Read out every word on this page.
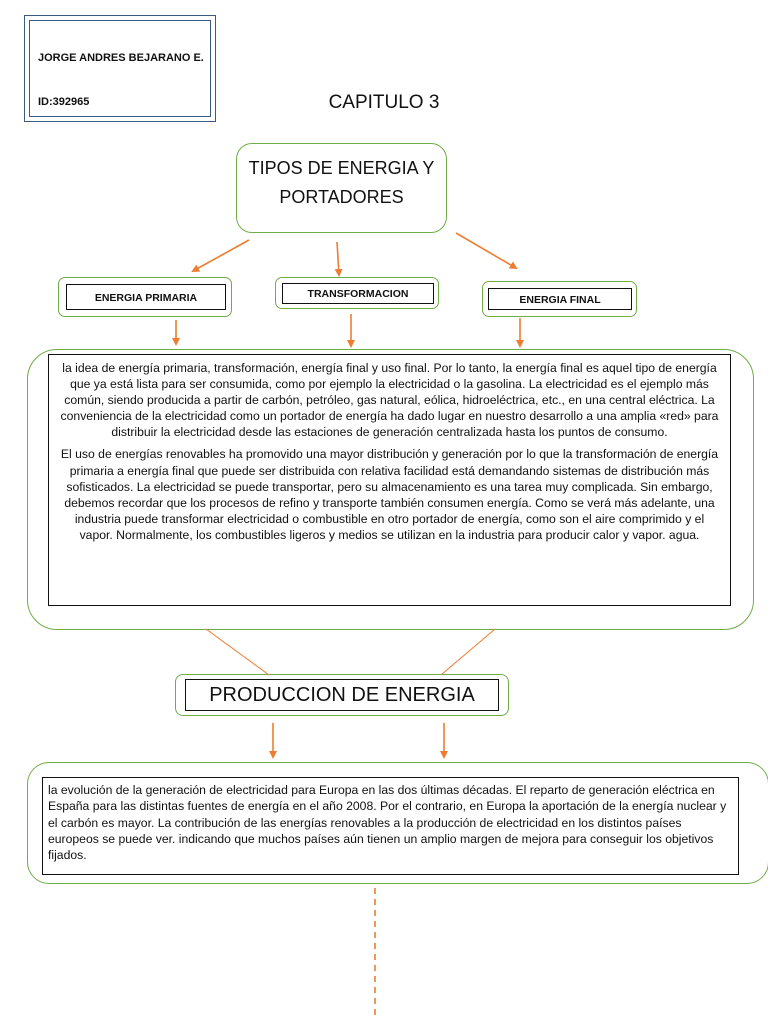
JORGE ANDRES BEJARANO E.
ID:392965	CAPITULO 3
TIPOS DE ENERGIA Y
PORTADORES
ENERGIA PRIMARIA	TRANSFORMACION	ENERGIA FINAL

la idea de energía primaria, transformación, energía final y uso final. Por lo tanto, la energía final es aquel tipo de energía que ya está lista para ser consumida, como por ejemplo la electricidad o la gasolina. La electricidad es el ejemplo más común, siendo producida a partir de carbón, petróleo, gas natural, eólica, hidroeléctrica, etc., en una central eléctrica. La conveniencia de la electricidad como un portador de energía ha dado lugar en nuestro desarrollo a una amplia «red» para distribuir la electricidad desde las estaciones de generación centralizada hasta los puntos de consumo.

El uso de energías renovables ha promovido una mayor distribución y generación por lo que la transformación de energía primaria a energía final que puede ser distribuida con relativa facilidad está demandando sistemas de distribución más sofisticados. La electricidad se puede transportar, pero su almacenamiento es una tarea muy complicada. Sin embargo, debemos recordar que los procesos de refino y transporte también consumen energía. Como se verá más adelante, una industria puede transformar electricidad o combustible en otro portador de energía, como son el aire comprimido y el vapor. Normalmente, los combustibles ligeros y medios se utilizan en la industria para producir calor y vapor. agua.

PRODUCCION DE ENERGIA

la evolución de la generación de electricidad para Europa en las dos últimas décadas. El reparto de generación eléctrica en España para las distintas fuentes de energía en el año 2008. Por el contrario, en Europa la aportación de la energía nuclear y el carbón es mayor. La contribución de las energías renovables a la producción de electricidad en los distintos países europeos se puede ver. indicando que muchos países aún tienen un amplio margen de mejora para conseguir los objetivos fijados.
